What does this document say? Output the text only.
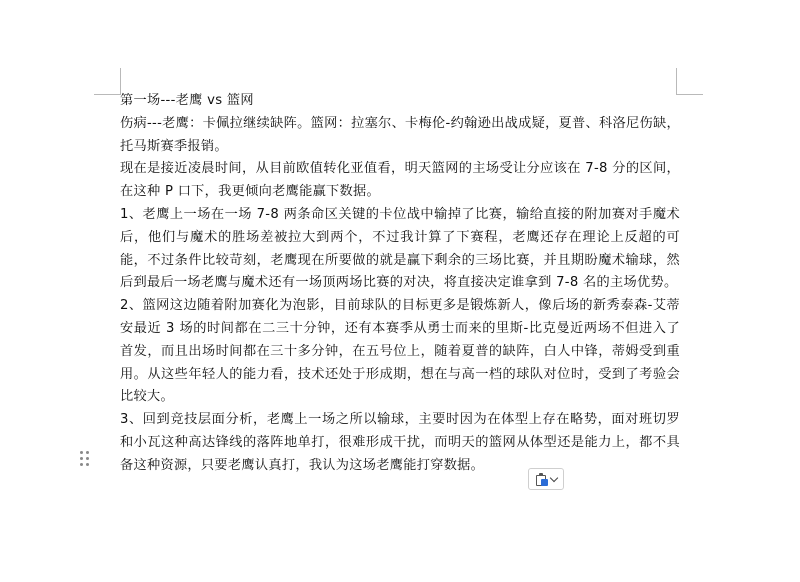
第一场---老鹰 vs 篮网

伤病---老鹰：卡佩拉继续缺阵。篮网：拉塞尔、卡梅伦-约翰逊出战成疑，夏普、科洛尼伤缺，托马斯赛季报销。

现在是接近凌晨时间，从目前欧值转化亚值看，明天篮网的主场受让分应该在 7-8 分的区间，在这种 P 口下，我更倾向老鹰能赢下数据。

1、老鹰上一场在一场 7-8 两条命区关键的卡位战中输掉了比赛，输给直接的附加赛对手魔术后，他们与魔术的胜场差被拉大到两个，不过我计算了下赛程，老鹰还存在理论上反超的可能，不过条件比较苛刻，老鹰现在所要做的就是赢下剩余的三场比赛，并且期盼魔术输球，然后到最后一场老鹰与魔术还有一场顶两场比赛的对决，将直接决定谁拿到 7-8 名的主场优势。

2、篮网这边随着附加赛化为泡影，目前球队的目标更多是锻炼新人，像后场的新秀泰森-艾蒂安最近 3 场的时间都在二三十分钟，还有本赛季从勇士而来的里斯-比克曼近两场不但进入了首发，而且出场时间都在三十多分钟，在五号位上，随着夏普的缺阵，白人中锋，蒂姆受到重用。从这些年轻人的能力看，技术还处于形成期，想在与高一档的球队对位时，受到了考验会比较大。

3、回到竞技层面分析，老鹰上一场之所以输球，主要时因为在体型上存在略势，面对班切罗和小瓦这种高达锋线的落阵地单打，很难形成干扰，而明天的篮网从体型还是能力上，都不具备这种资源，只要老鹰认真打，我认为这场老鹰能打穿数据。
